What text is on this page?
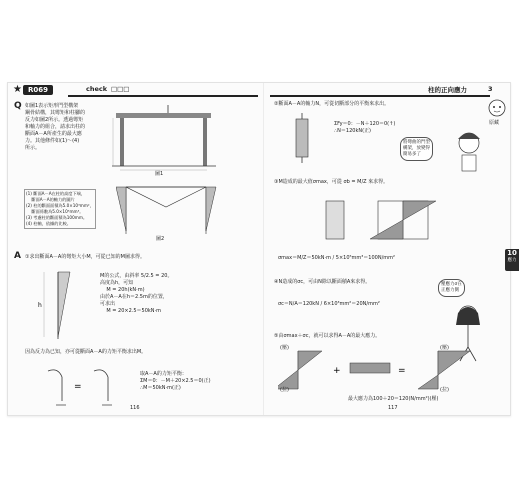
★ R069	check □□□	柱的正向應力	3
原藏
Q 如圖1表示矩形門型構架
鋼骨結構，其彎矩和柱腳的
反力如圖2所示。透過彎矩
和軸力的組合，請求出柱的
斷面A－A所產生的最大應
力。其他條件如(1)～(4)
所示。
圖1
(1) 斷面A－A在柱的高度下端，
斷面A－A的軸力的圖片
(2) 柱的斷面面積為5.0×10³mm²，
斷面係數為5.0×10⁵mm³。
(3) 考慮柱的斷面積為100mm。
(4) 柱軸，依據的比較。
圖2
A ①求出斷面A－A的彎矩大小M，可從已知的M圖求得。
h
M的公式，由斜率 5/2.5 = 20。
高度為h，可知
M = 20h(kN·m)
由於A－A在h＝2.5m的位置，
可求出
M = 20×2.5＝50kN·m
因為反力為已知，亦可從斷面A－A的力矩平衡求出M。
=
取A－A的力矩平衡：
ΣM＝0：－M＋20×2.5＝0(正)
∴M＝50kN·m(正)
116
②斷面A－A的軸力N，可從切斷部分的平衡來求出。
ΣFy＝0：－N＋120＝0(↑)
∴N＝120kN(正)
將彎曲的門型
構架，放變得
簡易多了
③M造成的最大值σmax，可從 σb = M/Z 來求得。
σmax＝M/Z＝50kN·m / 5×10⁵mm³＝100N/mm²
④N造成的σc，可由N除以斷面積A來求得。
σc＝N/A＝120kN / 6×10³mm²＝20N/mm²
壓應力σ在
正應力側
⑤由σmax＋σc，就可以求得A－A的最大應力。
+	=
(壓)
(拉)
(壓)
(拉)
最大應力為100＋20＝120(N/mm²)(壓)
117
10
應力
